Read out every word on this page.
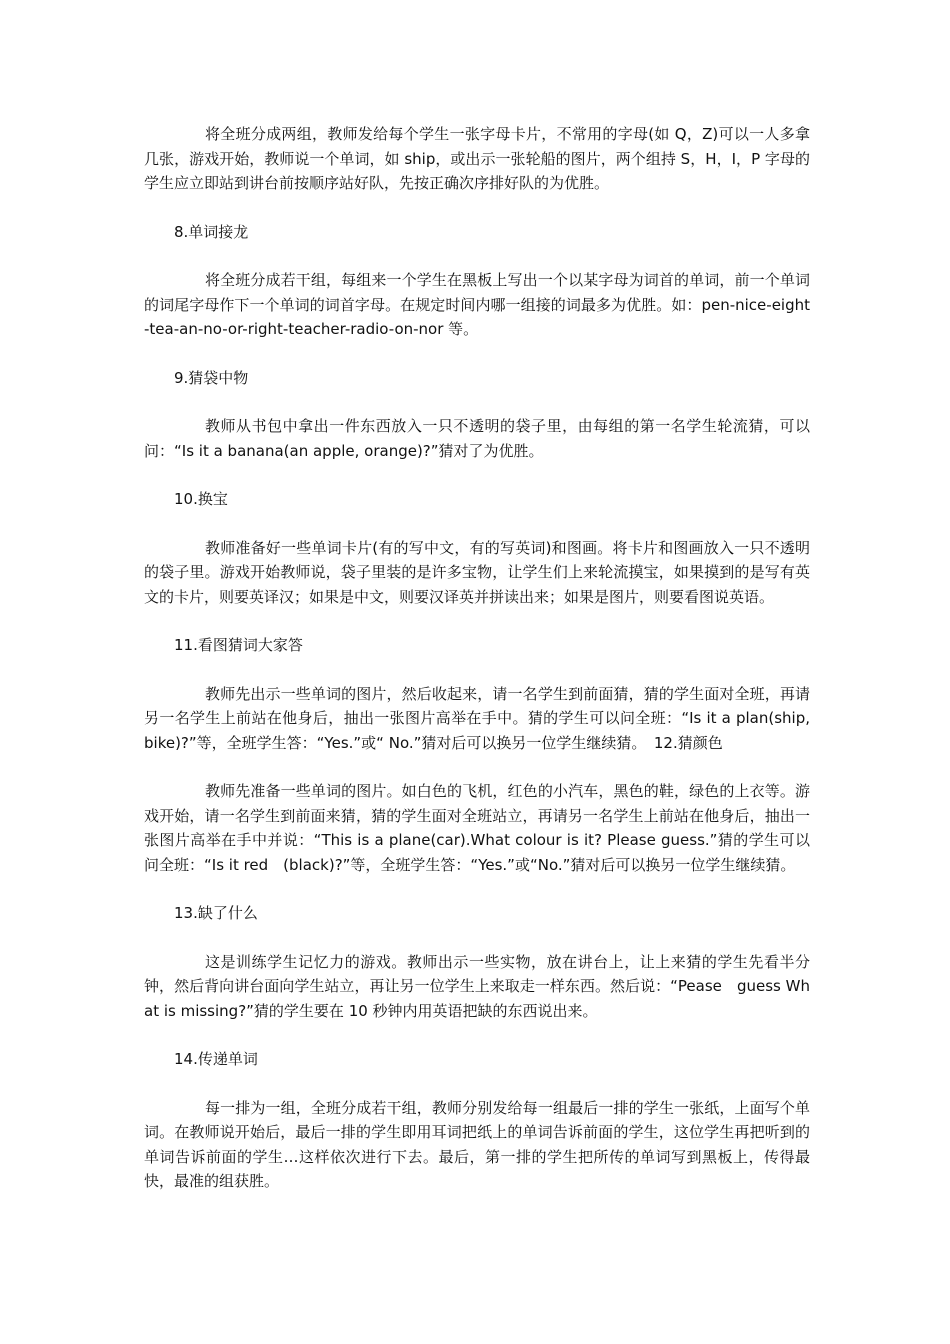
将全班分成两组，教师发给每个学生一张字母卡片，不常用的字母(如 Q，Z)可以一人多拿几张，游戏开始，教师说一个单词，如 ship，或出示一张轮船的图片，两个组持 S，H，I，P 字母的学生应立即站到讲台前按顺序站好队，先按正确次序排好队的为优胜。

8.单词接龙

将全班分成若干组，每组来一个学生在黑板上写出一个以某字母为词首的单词，前一个单词的词尾字母作下一个单词的词首字母。在规定时间内哪一组接的词最多为优胜。如：pen-nice-eight-tea-an-no-or-right-teacher-radio-on-nor 等。

9.猜袋中物

教师从书包中拿出一件东西放入一只不透明的袋子里，由每组的第一名学生轮流猜，可以问：“Is it a banana(an apple, orange)?”猜对了为优胜。

10.换宝

教师准备好一些单词卡片(有的写中文，有的写英词)和图画。将卡片和图画放入一只不透明的袋子里。游戏开始教师说，袋子里装的是许多宝物，让学生们上来轮流摸宝，如果摸到的是写有英文的卡片，则要英译汉；如果是中文，则要汉译英并拼读出来；如果是图片，则要看图说英语。

11.看图猜词大家答

教师先出示一些单词的图片，然后收起来，请一名学生到前面猜，猜的学生面对全班，再请另一名学生上前站在他身后，抽出一张图片高举在手中。猜的学生可以问全班：“Is it a plan(ship, bike)?”等，全班学生答：“Yes.”或“ No.”猜对后可以换另一位学生继续猜。　12.猜颜色

教师先准备一些单词的图片。如白色的飞机，红色的小汽车，黑色的鞋，绿色的上衣等。游戏开始，请一名学生到前面来猜，猜的学生面对全班站立，再请另一名学生上前站在他身后，抽出一张图片高举在手中并说：“This is a plane(car).What colour is it? Please guess.”猜的学生可以问全班：“Is it red　(black)?”等，全班学生答：“Yes.”或“No.”猜对后可以换另一位学生继续猜。

13.缺了什么

这是训练学生记忆力的游戏。教师出示一些实物，放在讲台上，让上来猜的学生先看半分钟，然后背向讲台面向学生站立，再让另一位学生上来取走一样东西。然后说：“Pease　guess What is missing?”猜的学生要在 10 秒钟内用英语把缺的东西说出来。

14.传递单词

每一排为一组，全班分成若干组，教师分别发给每一组最后一排的学生一张纸，上面写个单词。在教师说开始后，最后一排的学生即用耳词把纸上的单词告诉前面的学生，这位学生再把听到的单词告诉前面的学生…这样依次进行下去。最后，第一排的学生把所传的单词写到黑板上，传得最快，最准的组获胜。
